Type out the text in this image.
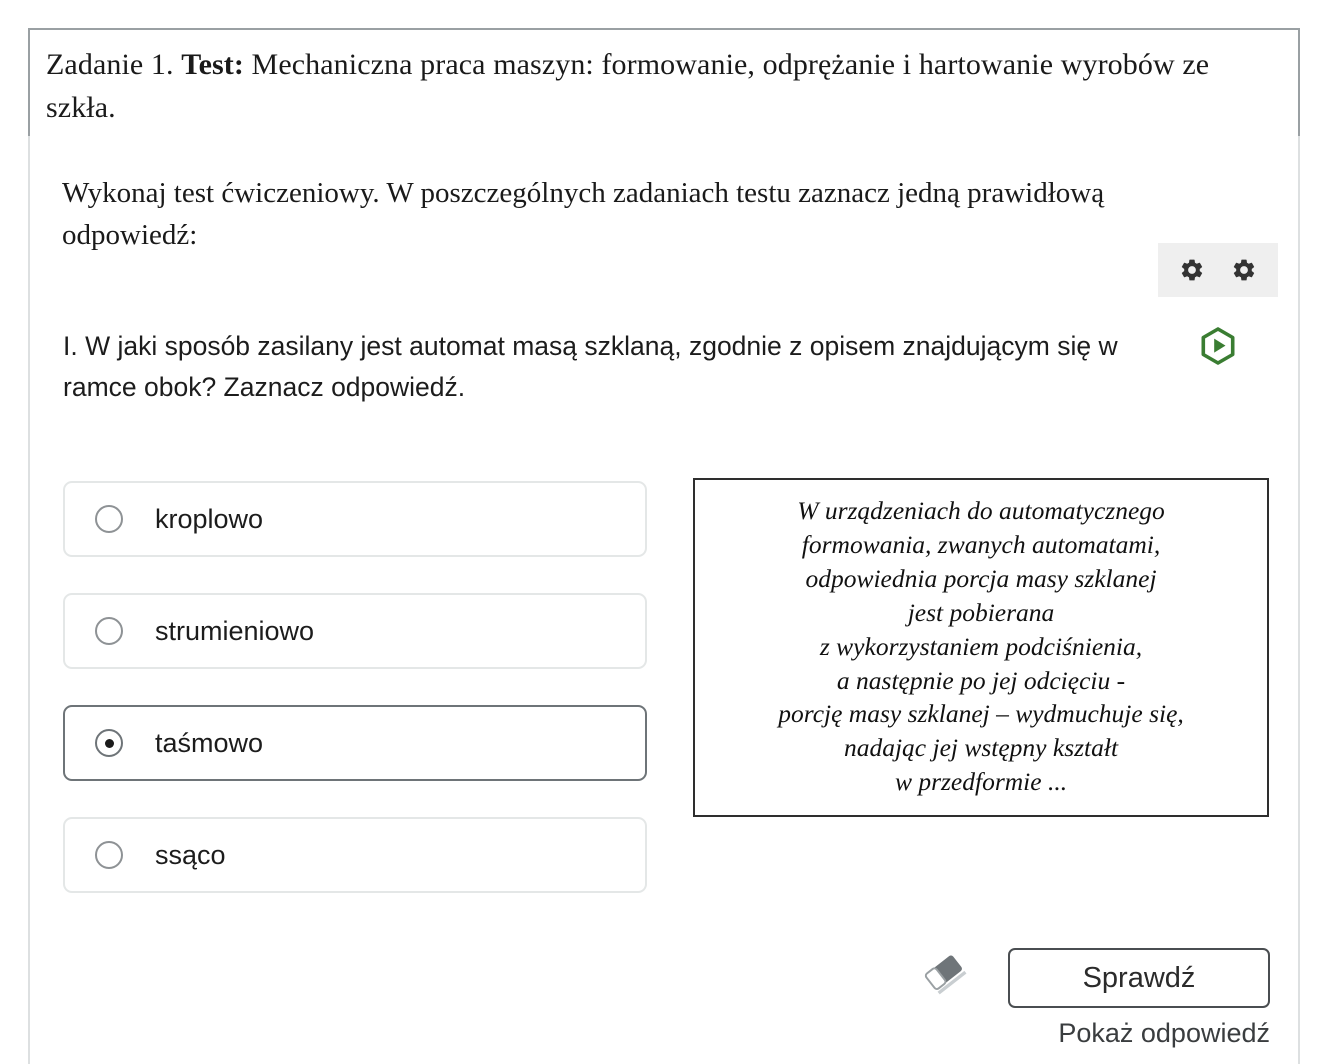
Zadanie 1. Test: Mechaniczna praca maszyn: formowanie, odprężanie i hartowanie wyrobów ze szkła.
Wykonaj test ćwiczeniowy. W poszczególnych zadaniach testu zaznacz jedną prawidłową odpowiedź:
I. W jaki sposób zasilany jest automat masą szklaną, zgodnie z opisem znajdującym się w ramce obok? Zaznacz odpowiedź.
kroplowo
strumieniowo
taśmowo
ssąco
W urządzeniach do automatycznego
formowania, zwanych automatami,
odpowiednia porcja masy szklanej
jest pobierana
z wykorzystaniem podciśnienia,
a następnie po jej odcięciu -
porcję masy szklanej – wydmuchuje się,
nadając jej wstępny kształt
w przedformie ...
Sprawdź
Pokaż odpowiedź
